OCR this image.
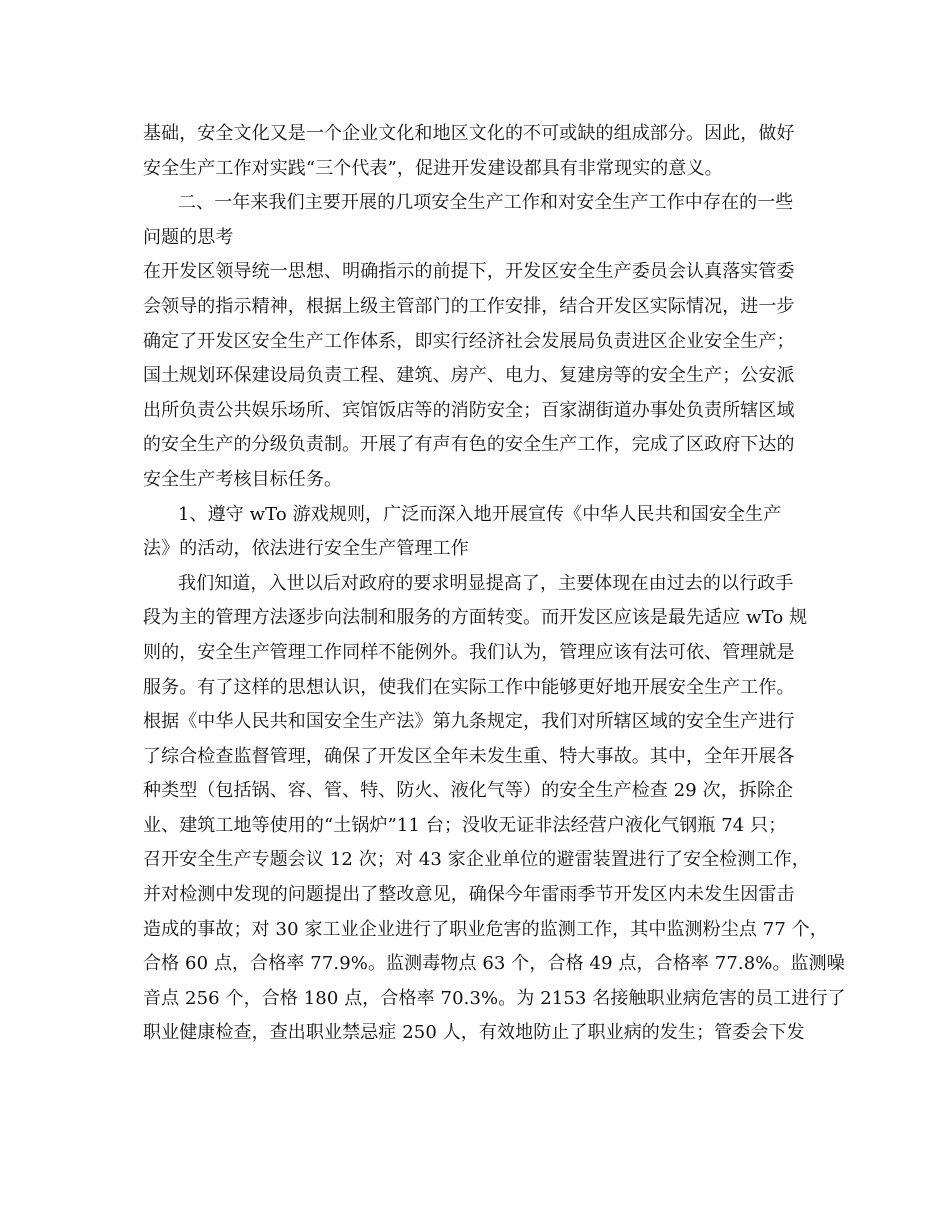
基础，安全文化又是一个企业文化和地区文化的不可或缺的组成部分。因此，做好
安全生产工作对实践“三个代表”，促进开发建设都具有非常现实的意义。
二、一年来我们主要开展的几项安全生产工作和对安全生产工作中存在的一些
问题的思考
在开发区领导统一思想、明确指示的前提下，开发区安全生产委员会认真落实管委
会领导的指示精神，根据上级主管部门的工作安排，结合开发区实际情况，进一步
确定了开发区安全生产工作体系，即实行经济社会发展局负责进区企业安全生产；
国土规划环保建设局负责工程、建筑、房产、电力、复建房等的安全生产；公安派
出所负责公共娱乐场所、宾馆饭店等的消防安全；百家湖街道办事处负责所辖区域
的安全生产的分级负责制。开展了有声有色的安全生产工作，完成了区政府下达的
安全生产考核目标任务。
1、遵守 wTo 游戏规则，广泛而深入地开展宣传《中华人民共和国安全生产
法》的活动，依法进行安全生产管理工作
我们知道，入世以后对政府的要求明显提高了，主要体现在由过去的以行政手
段为主的管理方法逐步向法制和服务的方面转变。而开发区应该是最先适应 wTo 规
则的，安全生产管理工作同样不能例外。我们认为，管理应该有法可依、管理就是
服务。有了这样的思想认识，使我们在实际工作中能够更好地开展安全生产工作。
根据《中华人民共和国安全生产法》第九条规定，我们对所辖区域的安全生产进行
了综合检查监督管理，确保了开发区全年未发生重、特大事故。其中，全年开展各
种类型（包括锅、容、管、特、防火、液化气等）的安全生产检查 29 次，拆除企
业、建筑工地等使用的“土锅炉”11 台；没收无证非法经营户液化气钢瓶 74 只；
召开安全生产专题会议 12 次；对 43 家企业单位的避雷装置进行了安全检测工作，
并对检测中发现的问题提出了整改意见，确保今年雷雨季节开发区内未发生因雷击
造成的事故；对 30 家工业企业进行了职业危害的监测工作，其中监测粉尘点 77 个，
合格 60 点，合格率 77.9%。监测毒物点 63 个，合格 49 点，合格率 77.8%。监测噪
音点 256 个，合格 180 点，合格率 70.3%。为 2153 名接触职业病危害的员工进行了
职业健康检查，查出职业禁忌症 250 人，有效地防止了职业病的发生；管委会下发
